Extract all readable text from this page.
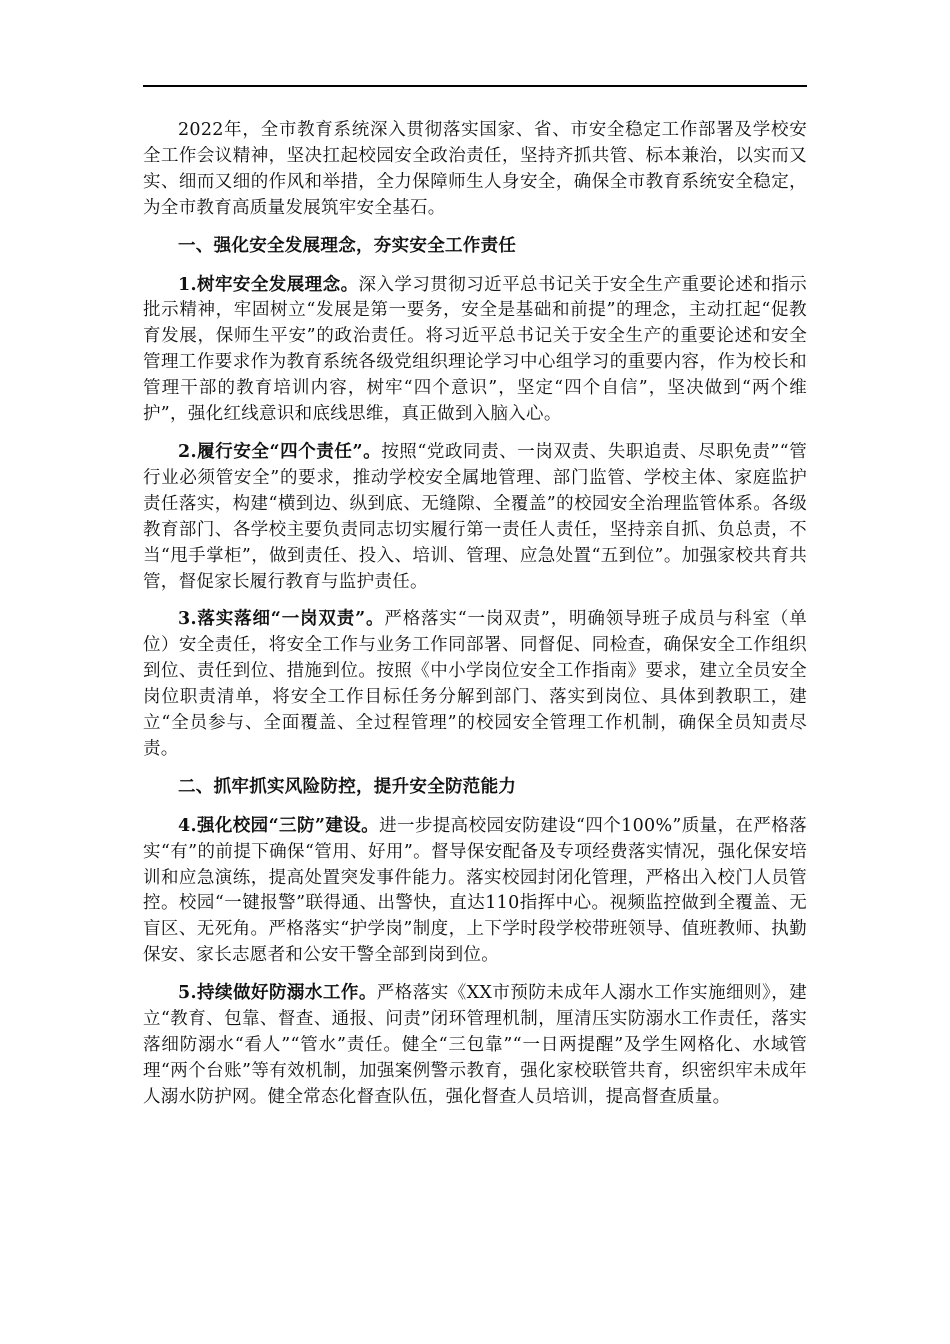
2022年，全市教育系统深入贯彻落实国家、省、市安全稳定工作部署及学校安全工作会议精神，坚决扛起校园安全政治责任，坚持齐抓共管、标本兼治，以实而又实、细而又细的作风和举措，全力保障师生人身安全，确保全市教育系统安全稳定，为全市教育高质量发展筑牢安全基石。

一、强化安全发展理念，夯实安全工作责任

1.树牢安全发展理念。深入学习贯彻习近平总书记关于安全生产重要论述和指示批示精神，牢固树立“发展是第一要务，安全是基础和前提”的理念，主动扛起“促教育发展，保师生平安”的政治责任。将习近平总书记关于安全生产的重要论述和安全管理工作要求作为教育系统各级党组织理论学习中心组学习的重要内容，作为校长和管理干部的教育培训内容，树牢“四个意识”，坚定“四个自信”，坚决做到“两个维护”，强化红线意识和底线思维，真正做到入脑入心。

2.履行安全“四个责任”。按照“党政同责、一岗双责、失职追责、尽职免责”“管行业必须管安全”的要求，推动学校安全属地管理、部门监管、学校主体、家庭监护责任落实，构建“横到边、纵到底、无缝隙、全覆盖”的校园安全治理监管体系。各级教育部门、各学校主要负责同志切实履行第一责任人责任，坚持亲自抓、负总责，不当“甩手掌柜”，做到责任、投入、培训、管理、应急处置“五到位”。加强家校共育共管，督促家长履行教育与监护责任。

3.落实落细“一岗双责”。严格落实“一岗双责”，明确领导班子成员与科室（单位）安全责任，将安全工作与业务工作同部署、同督促、同检查，确保安全工作组织到位、责任到位、措施到位。按照《中小学岗位安全工作指南》要求，建立全员安全岗位职责清单，将安全工作目标任务分解到部门、落实到岗位、具体到教职工，建立“全员参与、全面覆盖、全过程管理”的校园安全管理工作机制，确保全员知责尽责。

二、抓牢抓实风险防控，提升安全防范能力

4.强化校园“三防”建设。进一步提高校园安防建设“四个100%”质量，在严格落实“有”的前提下确保“管用、好用”。督导保安配备及专项经费落实情况，强化保安培训和应急演练，提高处置突发事件能力。落实校园封闭化管理，严格出入校门人员管控。校园“一键报警”联得通、出警快，直达110指挥中心。视频监控做到全覆盖、无盲区、无死角。严格落实“护学岗”制度，上下学时段学校带班领导、值班教师、执勤保安、家长志愿者和公安干警全部到岗到位。

5.持续做好防溺水工作。严格落实《XX市预防未成年人溺水工作实施细则》，建立“教育、包靠、督查、通报、问责”闭环管理机制，厘清压实防溺水工作责任，落实落细防溺水“看人”“管水”责任。健全“三包靠”“一日两提醒”及学生网格化、水域管理“两个台账”等有效机制，加强案例警示教育，强化家校联管共育，织密织牢未成年人溺水防护网。健全常态化督查队伍，强化督查人员培训，提高督查质量。
